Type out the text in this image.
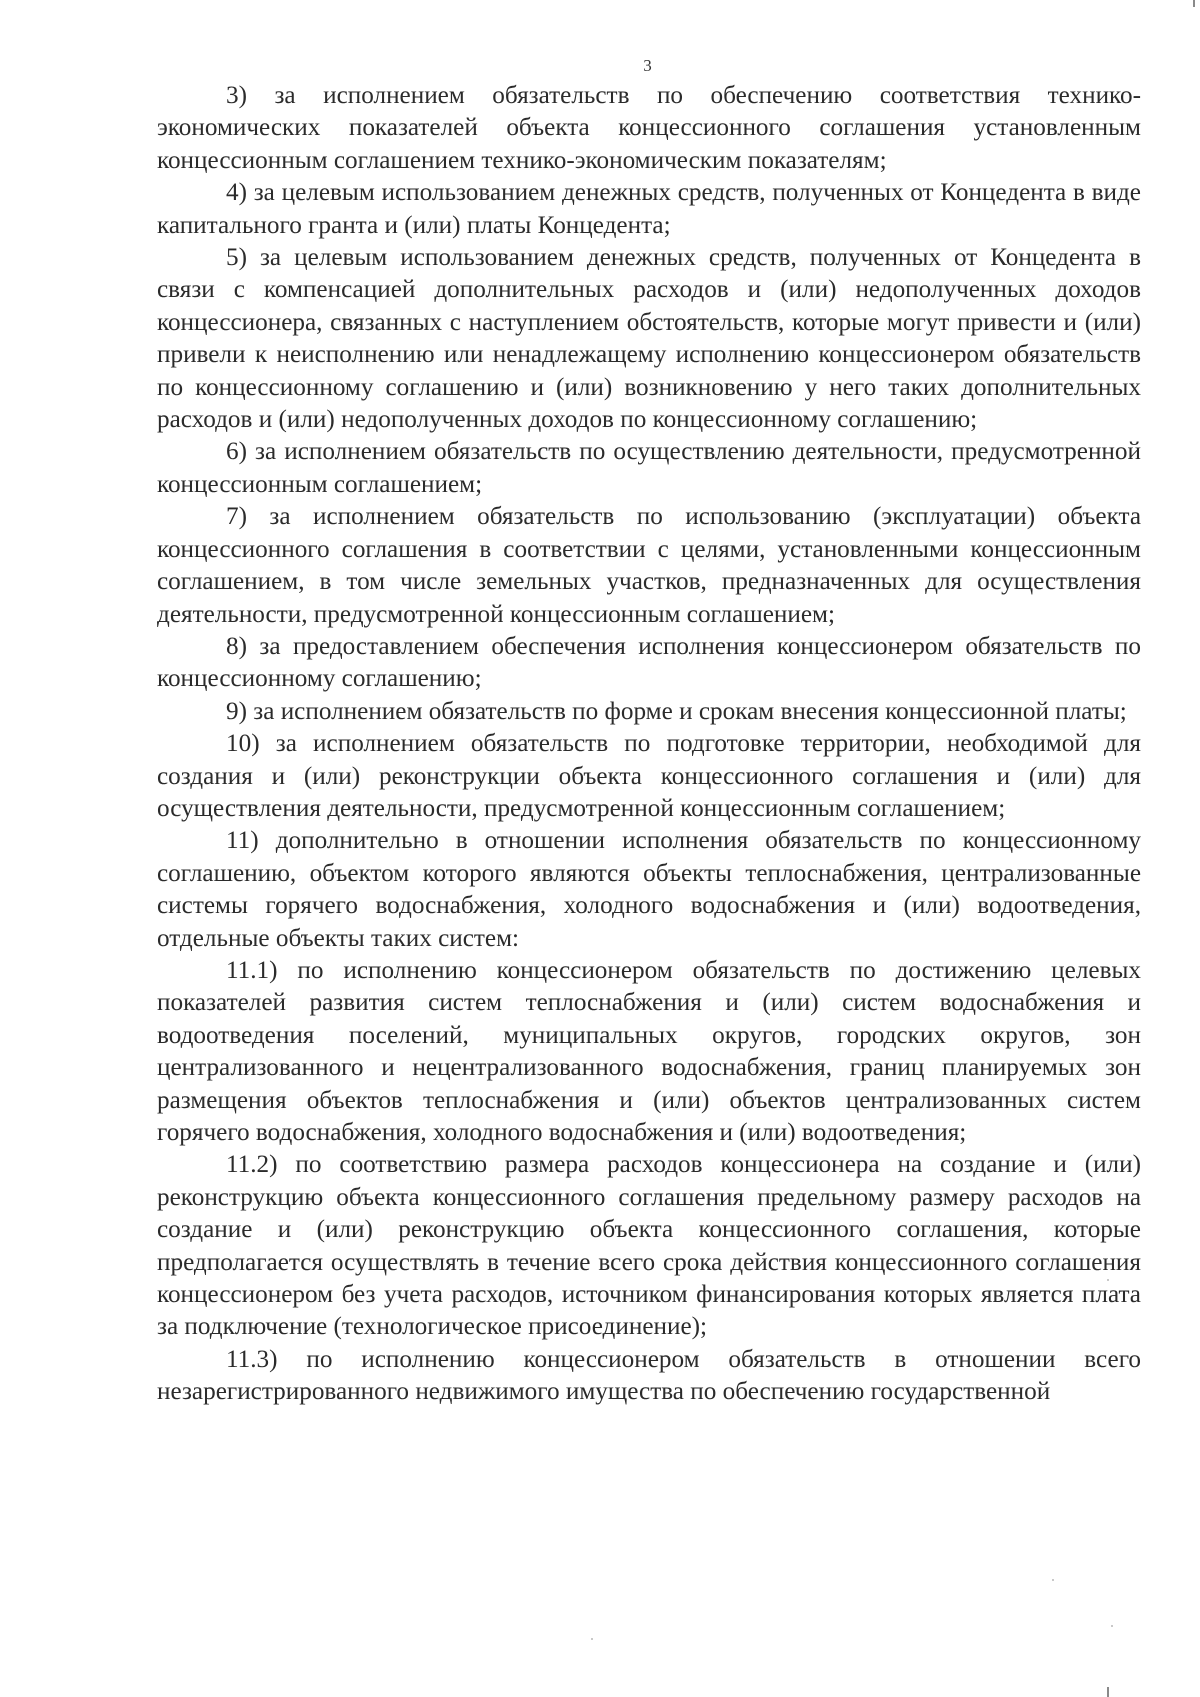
3

3) за исполнением обязательств по обеспечению соответствия технико-экономических показателей объекта концессионного соглашения установленным концессионным соглашением технико-экономическим показателям;

4) за целевым использованием денежных средств, полученных от Концедента в виде капитального гранта и (или) платы Концедента;

5) за целевым использованием денежных средств, полученных от Концедента в связи с компенсацией дополнительных расходов и (или) недополученных доходов концессионера, связанных с наступлением обстоятельств, которые могут привести и (или) привели к неисполнению или ненадлежащему исполнению концессионером обязательств по концессионному соглашению и (или) возникновению у него таких дополнительных расходов и (или) недополученных доходов по концессионному соглашению;

6) за исполнением обязательств по осуществлению деятельности, предусмотренной концессионным соглашением;

7) за исполнением обязательств по использованию (эксплуатации) объекта концессионного соглашения в соответствии с целями, установленными концессионным соглашением, в том числе земельных участков, предназначенных для осуществления деятельности, предусмотренной концессионным соглашением;

8) за предоставлением обеспечения исполнения концессионером обязательств по концессионному соглашению;

9) за исполнением обязательств по форме и срокам внесения концессионной платы;

10) за исполнением обязательств по подготовке территории, необходимой для создания и (или) реконструкции объекта концессионного соглашения и (или) для осуществления деятельности, предусмотренной концессионным соглашением;

11) дополнительно в отношении исполнения обязательств по концессионному соглашению, объектом которого являются объекты теплоснабжения, централизованные системы горячего водоснабжения, холодного водоснабжения и (или) водоотведения, отдельные объекты таких систем:

11.1) по исполнению концессионером обязательств по достижению целевых показателей развития систем теплоснабжения и (или) систем водоснабжения и водоотведения поселений, муниципальных округов, городских округов, зон централизованного и нецентрализованного водоснабжения, границ планируемых зон размещения объектов теплоснабжения и (или) объектов централизованных систем горячего водоснабжения, холодного водоснабжения и (или) водоотведения;

11.2) по соответствию размера расходов концессионера на создание и (или) реконструкцию объекта концессионного соглашения предельному размеру расходов на создание и (или) реконструкцию объекта концессионного соглашения, которые предполагается осуществлять в течение всего срока действия концессионного соглашения концессионером без учета расходов, источником финансирования которых является плата за подключение (технологическое присоединение);

11.3) по исполнению концессионером обязательств в отношении всего незарегистрированного недвижимого имущества по обеспечению государственной
